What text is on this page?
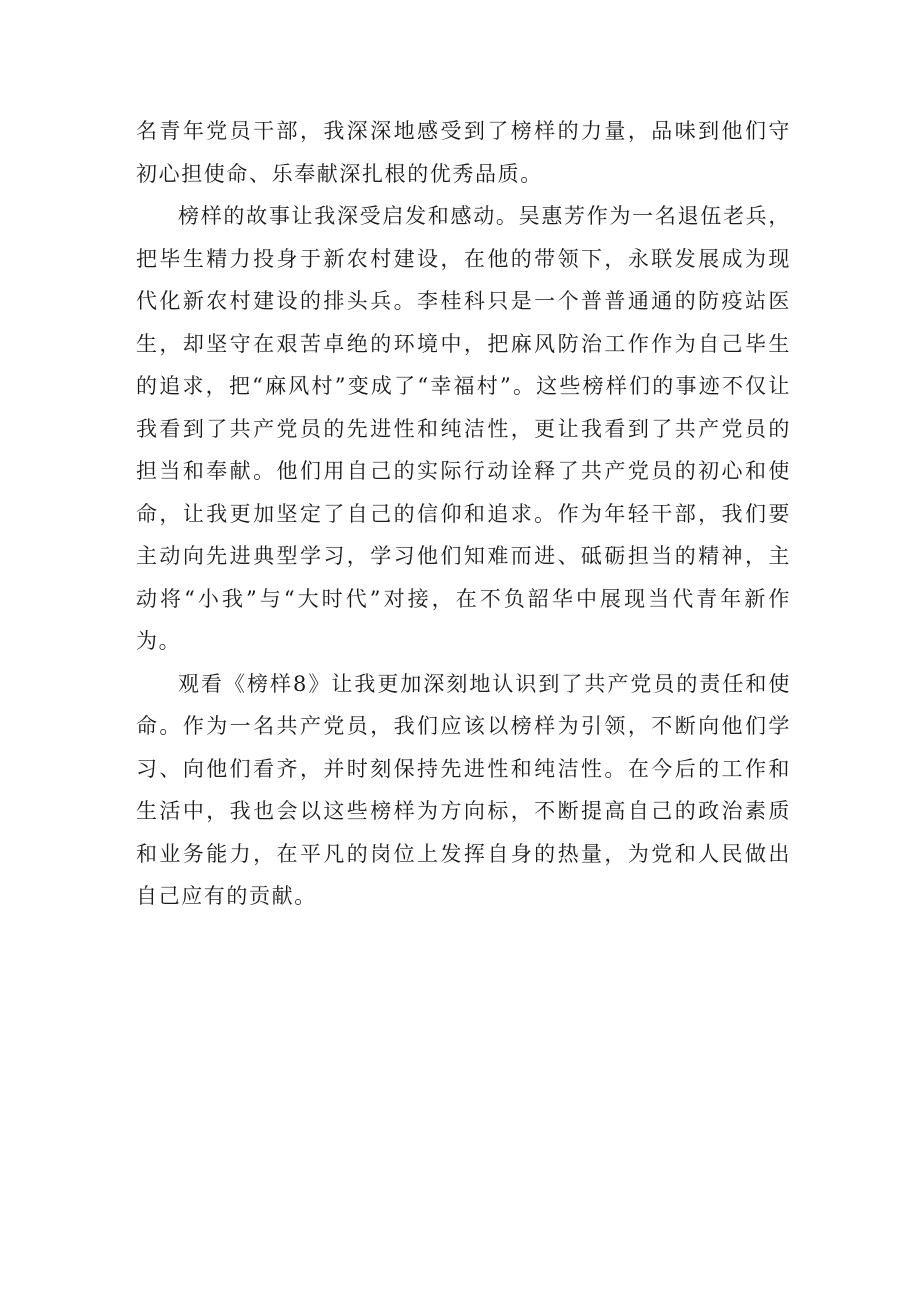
名青年党员干部，我深深地感受到了榜样的力量，品味到他们守初心担使命、乐奉献深扎根的优秀品质。

榜样的故事让我深受启发和感动。吴惠芳作为一名退伍老兵，把毕生精力投身于新农村建设，在他的带领下，永联发展成为现代化新农村建设的排头兵。李桂科只是一个普普通通的防疫站医生，却坚守在艰苦卓绝的环境中，把麻风防治工作作为自己毕生的追求，把“麻风村”变成了“幸福村”。这些榜样们的事迹不仅让我看到了共产党员的先进性和纯洁性，更让我看到了共产党员的担当和奉献。他们用自己的实际行动诠释了共产党员的初心和使命，让我更加坚定了自己的信仰和追求。作为年轻干部，我们要主动向先进典型学习，学习他们知难而进、砥砺担当的精神，主动将“小我”与“大时代”对接，在不负韶华中展现当代青年新作为。

观看《榜样8》让我更加深刻地认识到了共产党员的责任和使命。作为一名共产党员，我们应该以榜样为引领，不断向他们学习、向他们看齐，并时刻保持先进性和纯洁性。在今后的工作和生活中，我也会以这些榜样为方向标，不断提高自己的政治素质和业务能力，在平凡的岗位上发挥自身的热量，为党和人民做出自己应有的贡献。
